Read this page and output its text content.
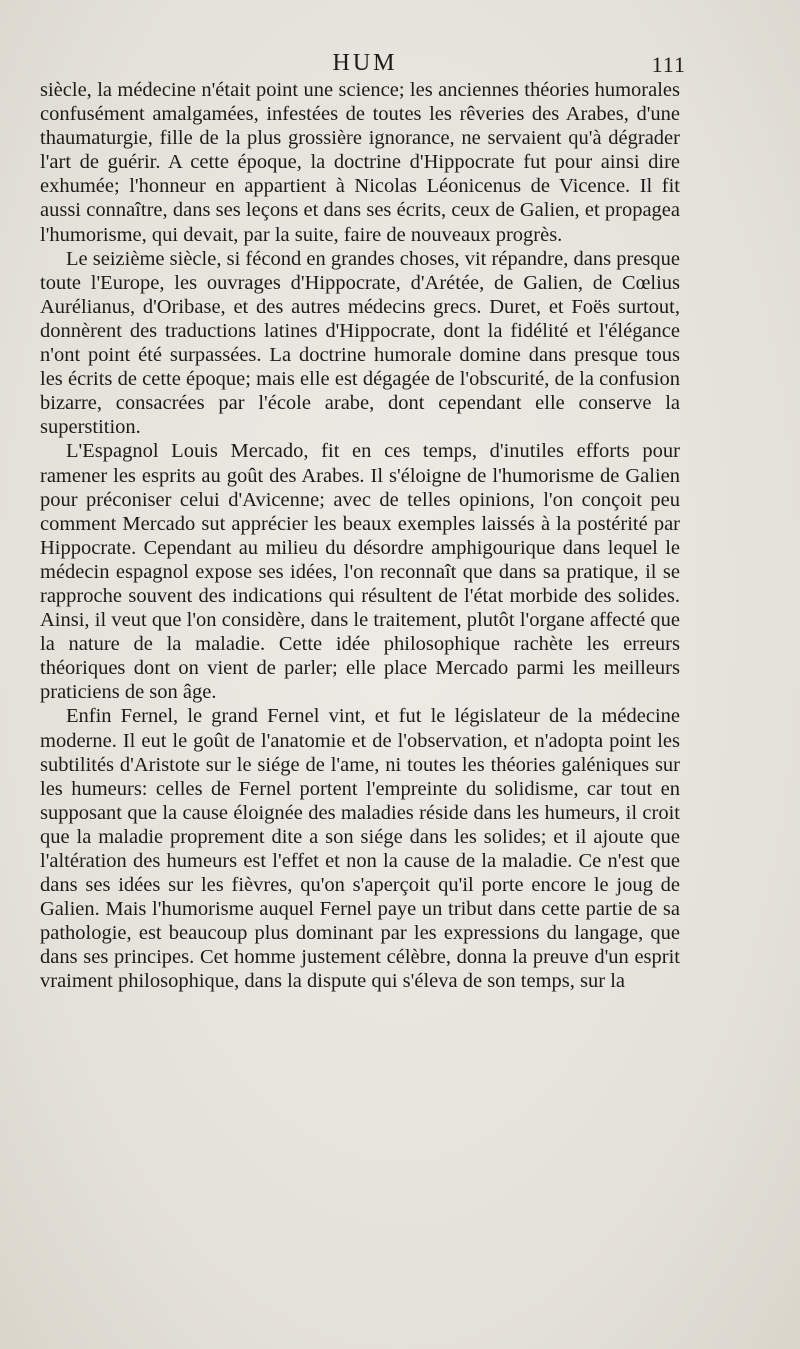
HUM	111

siècle, la médecine n'était point une science; les anciennes théories humorales confusément amalgamées, infestées de toutes les rêveries des Arabes, d'une thaumaturgie, fille de la plus grossière ignorance, ne servaient qu'à dégrader l'art de guérir. A cette époque, la doctrine d'Hippocrate fut pour ainsi dire exhumée; l'honneur en appartient à Nicolas Léonicenus de Vicence. Il fit aussi connaître, dans ses leçons et dans ses écrits, ceux de Galien, et propagea l'humorisme, qui devait, par la suite, faire de nouveaux progrès.

Le seizième siècle, si fécond en grandes choses, vit répandre, dans presque toute l'Europe, les ouvrages d'Hippocrate, d'Arétée, de Galien, de Cœlius Aurélianus, d'Oribase, et des autres médecins grecs. Duret, et Foës surtout, donnèrent des traductions latines d'Hippocrate, dont la fidélité et l'élégance n'ont point été surpassées. La doctrine humorale domine dans presque tous les écrits de cette époque; mais elle est dégagée de l'obscurité, de la confusion bizarre, consacrées par l'école arabe, dont cependant elle conserve la superstition.

L'Espagnol Louis Mercado, fit en ces temps, d'inutiles efforts pour ramener les esprits au goût des Arabes. Il s'éloigne de l'humorisme de Galien pour préconiser celui d'Avicenne; avec de telles opinions, l'on conçoit peu comment Mercado sut apprécier les beaux exemples laissés à la postérité par Hippocrate. Cependant au milieu du désordre amphigourique dans lequel le médecin espagnol expose ses idées, l'on reconnaît que dans sa pratique, il se rapproche souvent des indications qui résultent de l'état morbide des solides. Ainsi, il veut que l'on considère, dans le traitement, plutôt l'organe affecté que la nature de la maladie. Cette idée philosophique rachète les erreurs théoriques dont on vient de parler; elle place Mercado parmi les meilleurs praticiens de son âge.

Enfin Fernel, le grand Fernel vint, et fut le législateur de la médecine moderne. Il eut le goût de l'anatomie et de l'observation, et n'adopta point les subtilités d'Aristote sur le siége de l'ame, ni toutes les théories galéniques sur les humeurs: celles de Fernel portent l'empreinte du solidisme, car tout en supposant que la cause éloignée des maladies réside dans les humeurs, il croit que la maladie proprement dite a son siége dans les solides; et il ajoute que l'altération des humeurs est l'effet et non la cause de la maladie. Ce n'est que dans ses idées sur les fièvres, qu'on s'aperçoit qu'il porte encore le joug de Galien. Mais l'humorisme auquel Fernel paye un tribut dans cette partie de sa pathologie, est beaucoup plus dominant par les expressions du langage, que dans ses principes. Cet homme justement célèbre, donna la preuve d'un esprit vraiment philosophique, dans la dispute qui s'éleva de son temps, sur la
